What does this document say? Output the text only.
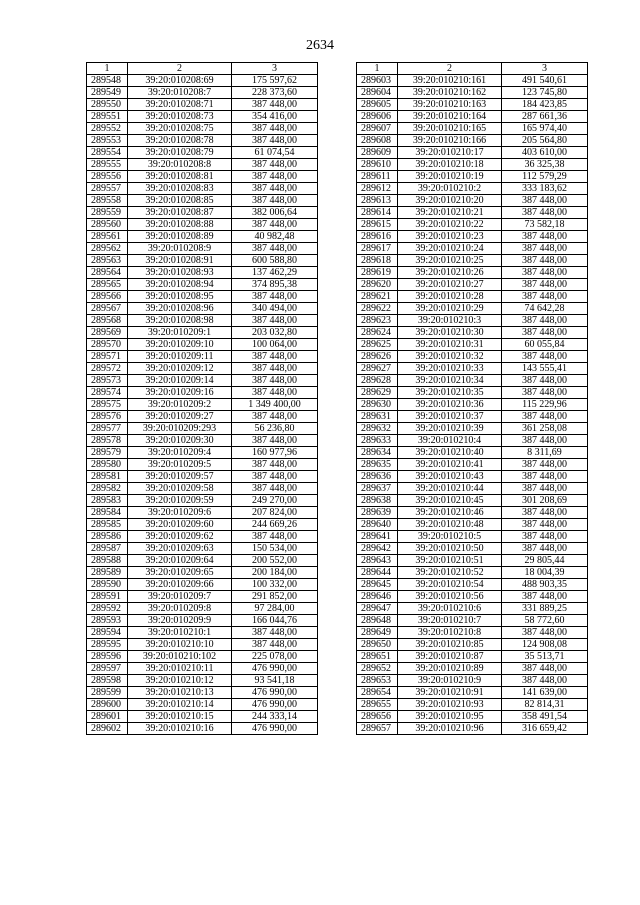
2634
1	2	3
289548	39:20:010208:69	175 597,62
289549	39:20:010208:7	228 373,60
289550	39:20:010208:71	387 448,00
289551	39:20:010208:73	354 416,00
289552	39:20:010208:75	387 448,00
289553	39:20:010208:78	387 448,00
289554	39:20:010208:79	61 074,54
289555	39:20:010208:8	387 448,00
289556	39:20:010208:81	387 448,00
289557	39:20:010208:83	387 448,00
289558	39:20:010208:85	387 448,00
289559	39:20:010208:87	382 006,64
289560	39:20:010208:88	387 448,00
289561	39:20:010208:89	40 982,48
289562	39:20:010208:9	387 448,00
289563	39:20:010208:91	600 588,80
289564	39:20:010208:93	137 462,29
289565	39:20:010208:94	374 895,38
289566	39:20:010208:95	387 448,00
289567	39:20:010208:96	340 494,00
289568	39:20:010208:98	387 448,00
289569	39:20:010209:1	203 032,80
289570	39:20:010209:10	100 064,00
289571	39:20:010209:11	387 448,00
289572	39:20:010209:12	387 448,00
289573	39:20:010209:14	387 448,00
289574	39:20:010209:16	387 448,00
289575	39:20:010209:2	1 349 400,00
289576	39:20:010209:27	387 448,00
289577	39:20:010209:293	56 236,80
289578	39:20:010209:30	387 448,00
289579	39:20:010209:4	160 977,96
289580	39:20:010209:5	387 448,00
289581	39:20:010209:57	387 448,00
289582	39:20:010209:58	387 448,00
289583	39:20:010209:59	249 270,00
289584	39:20:010209:6	207 824,00
289585	39:20:010209:60	244 669,26
289586	39:20:010209:62	387 448,00
289587	39:20:010209:63	150 534,00
289588	39:20:010209:64	200 552,00
289589	39:20:010209:65	200 184,00
289590	39:20:010209:66	100 332,00
289591	39:20:010209:7	291 852,00
289592	39:20:010209:8	97 284,00
289593	39:20:010209:9	166 044,76
289594	39:20:010210:1	387 448,00
289595	39:20:010210:10	387 448,00
289596	39:20:010210:102	225 078,00
289597	39:20:010210:11	476 990,00
289598	39:20:010210:12	93 541,18
289599	39:20:010210:13	476 990,00
289600	39:20:010210:14	476 990,00
289601	39:20:010210:15	244 333,14
289602	39:20:010210:16	476 990,00
1	2	3
289603	39:20:010210:161	491 540,61
289604	39:20:010210:162	123 745,80
289605	39:20:010210:163	184 423,85
289606	39:20:010210:164	287 661,36
289607	39:20:010210:165	165 974,40
289608	39:20:010210:166	205 564,80
289609	39:20:010210:17	403 610,00
289610	39:20:010210:18	36 325,38
289611	39:20:010210:19	112 579,29
289612	39:20:010210:2	333 183,62
289613	39:20:010210:20	387 448,00
289614	39:20:010210:21	387 448,00
289615	39:20:010210:22	73 582,18
289616	39:20:010210:23	387 448,00
289617	39:20:010210:24	387 448,00
289618	39:20:010210:25	387 448,00
289619	39:20:010210:26	387 448,00
289620	39:20:010210:27	387 448,00
289621	39:20:010210:28	387 448,00
289622	39:20:010210:29	74 642,28
289623	39:20:010210:3	387 448,00
289624	39:20:010210:30	387 448,00
289625	39:20:010210:31	60 055,84
289626	39:20:010210:32	387 448,00
289627	39:20:010210:33	143 555,41
289628	39:20:010210:34	387 448,00
289629	39:20:010210:35	387 448,00
289630	39:20:010210:36	115 229,96
289631	39:20:010210:37	387 448,00
289632	39:20:010210:39	361 258,08
289633	39:20:010210:4	387 448,00
289634	39:20:010210:40	8 311,69
289635	39:20:010210:41	387 448,00
289636	39:20:010210:43	387 448,00
289637	39:20:010210:44	387 448,00
289638	39:20:010210:45	301 208,69
289639	39:20:010210:46	387 448,00
289640	39:20:010210:48	387 448,00
289641	39:20:010210:5	387 448,00
289642	39:20:010210:50	387 448,00
289643	39:20:010210:51	29 805,44
289644	39:20:010210:52	18 004,39
289645	39:20:010210:54	488 903,35
289646	39:20:010210:56	387 448,00
289647	39:20:010210:6	331 889,25
289648	39:20:010210:7	58 772,60
289649	39:20:010210:8	387 448,00
289650	39:20:010210:85	124 908,08
289651	39:20:010210:87	35 513,71
289652	39:20:010210:89	387 448,00
289653	39:20:010210:9	387 448,00
289654	39:20:010210:91	141 639,00
289655	39:20:010210:93	82 814,31
289656	39:20:010210:95	358 491,54
289657	39:20:010210:96	316 659,42
